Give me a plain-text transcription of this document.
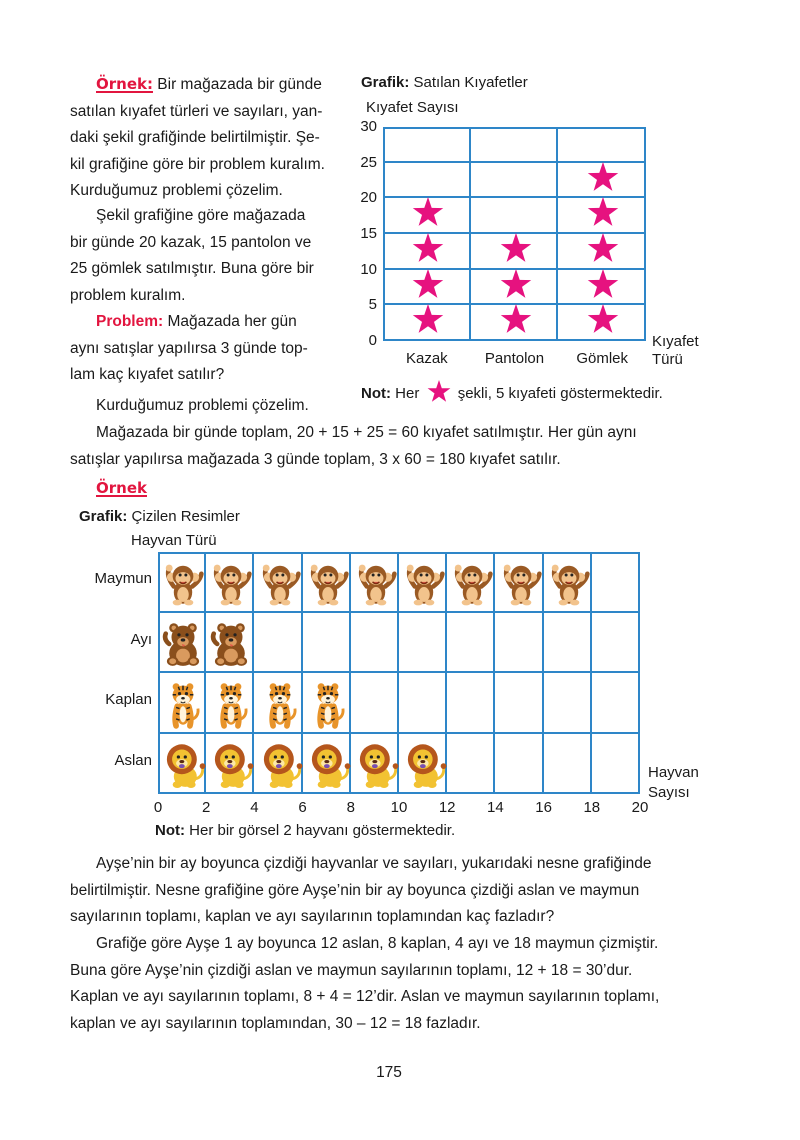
Örnek: Bir mağazada bir günde
satılan kıyafet türleri ve sayıları, yan-
daki şekil grafiğinde belirtilmiştir. Şe-
kil grafiğine göre bir problem kuralım.
Kurduğumuz problemi çözelim.
Şekil grafiğine göre mağazada
bir günde 20 kazak, 15 pantolon ve
25 gömlek satılmıştır. Buna göre bir
problem kuralım.
Problem: Mağazada her gün
aynı satışlar yapılırsa 3 günde top-
lam kaç kıyafet satılır?
Kurduğumuz problemi çözelim.
Grafik: Satılan Kıyafetler
Kıyafet Sayısı
0
5
10
15
20
25
30
Kazak	Pantolon	Gömlek
Kıyafet
Türü
Not: Her	şekli, 5 kıyafeti göstermektedir.
Mağazada bir günde toplam, 20 + 15 + 25 = 60 kıyafet satılmıştır. Her gün aynı
satışlar yapılırsa mağazada 3 günde toplam, 3 x 60 = 180 kıyafet satılır.
Örnek
Grafik: Çizilen Resimler
Hayvan Türü
Maymun
Ayı
Kaplan
Aslan
0	2	4	6	8	10	12	14	16	18	20
Hayvan
Sayısı
Not: Her bir görsel 2 hayvanı göstermektedir.
Ayşe’nin bir ay boyunca çizdiği hayvanlar ve sayıları, yukarıdaki nesne grafiğinde
belirtilmiştir. Nesne grafiğine göre Ayşe’nin bir ay boyunca çizdiği aslan ve maymun
sayılarının toplamı, kaplan ve ayı sayılarının toplamından kaç fazladır?
Grafiğe göre Ayşe 1 ay boyunca 12 aslan, 8 kaplan, 4 ayı ve 18 maymun çizmiştir.
Buna göre Ayşe’nin çizdiği aslan ve maymun sayılarının toplamı, 12 + 18 = 30’dur.
Kaplan ve ayı sayılarının toplamı, 8 + 4 = 12’dir. Aslan ve maymun sayılarının toplamı,
kaplan ve ayı sayılarının toplamından, 30 – 12 = 18 fazladır.
175
